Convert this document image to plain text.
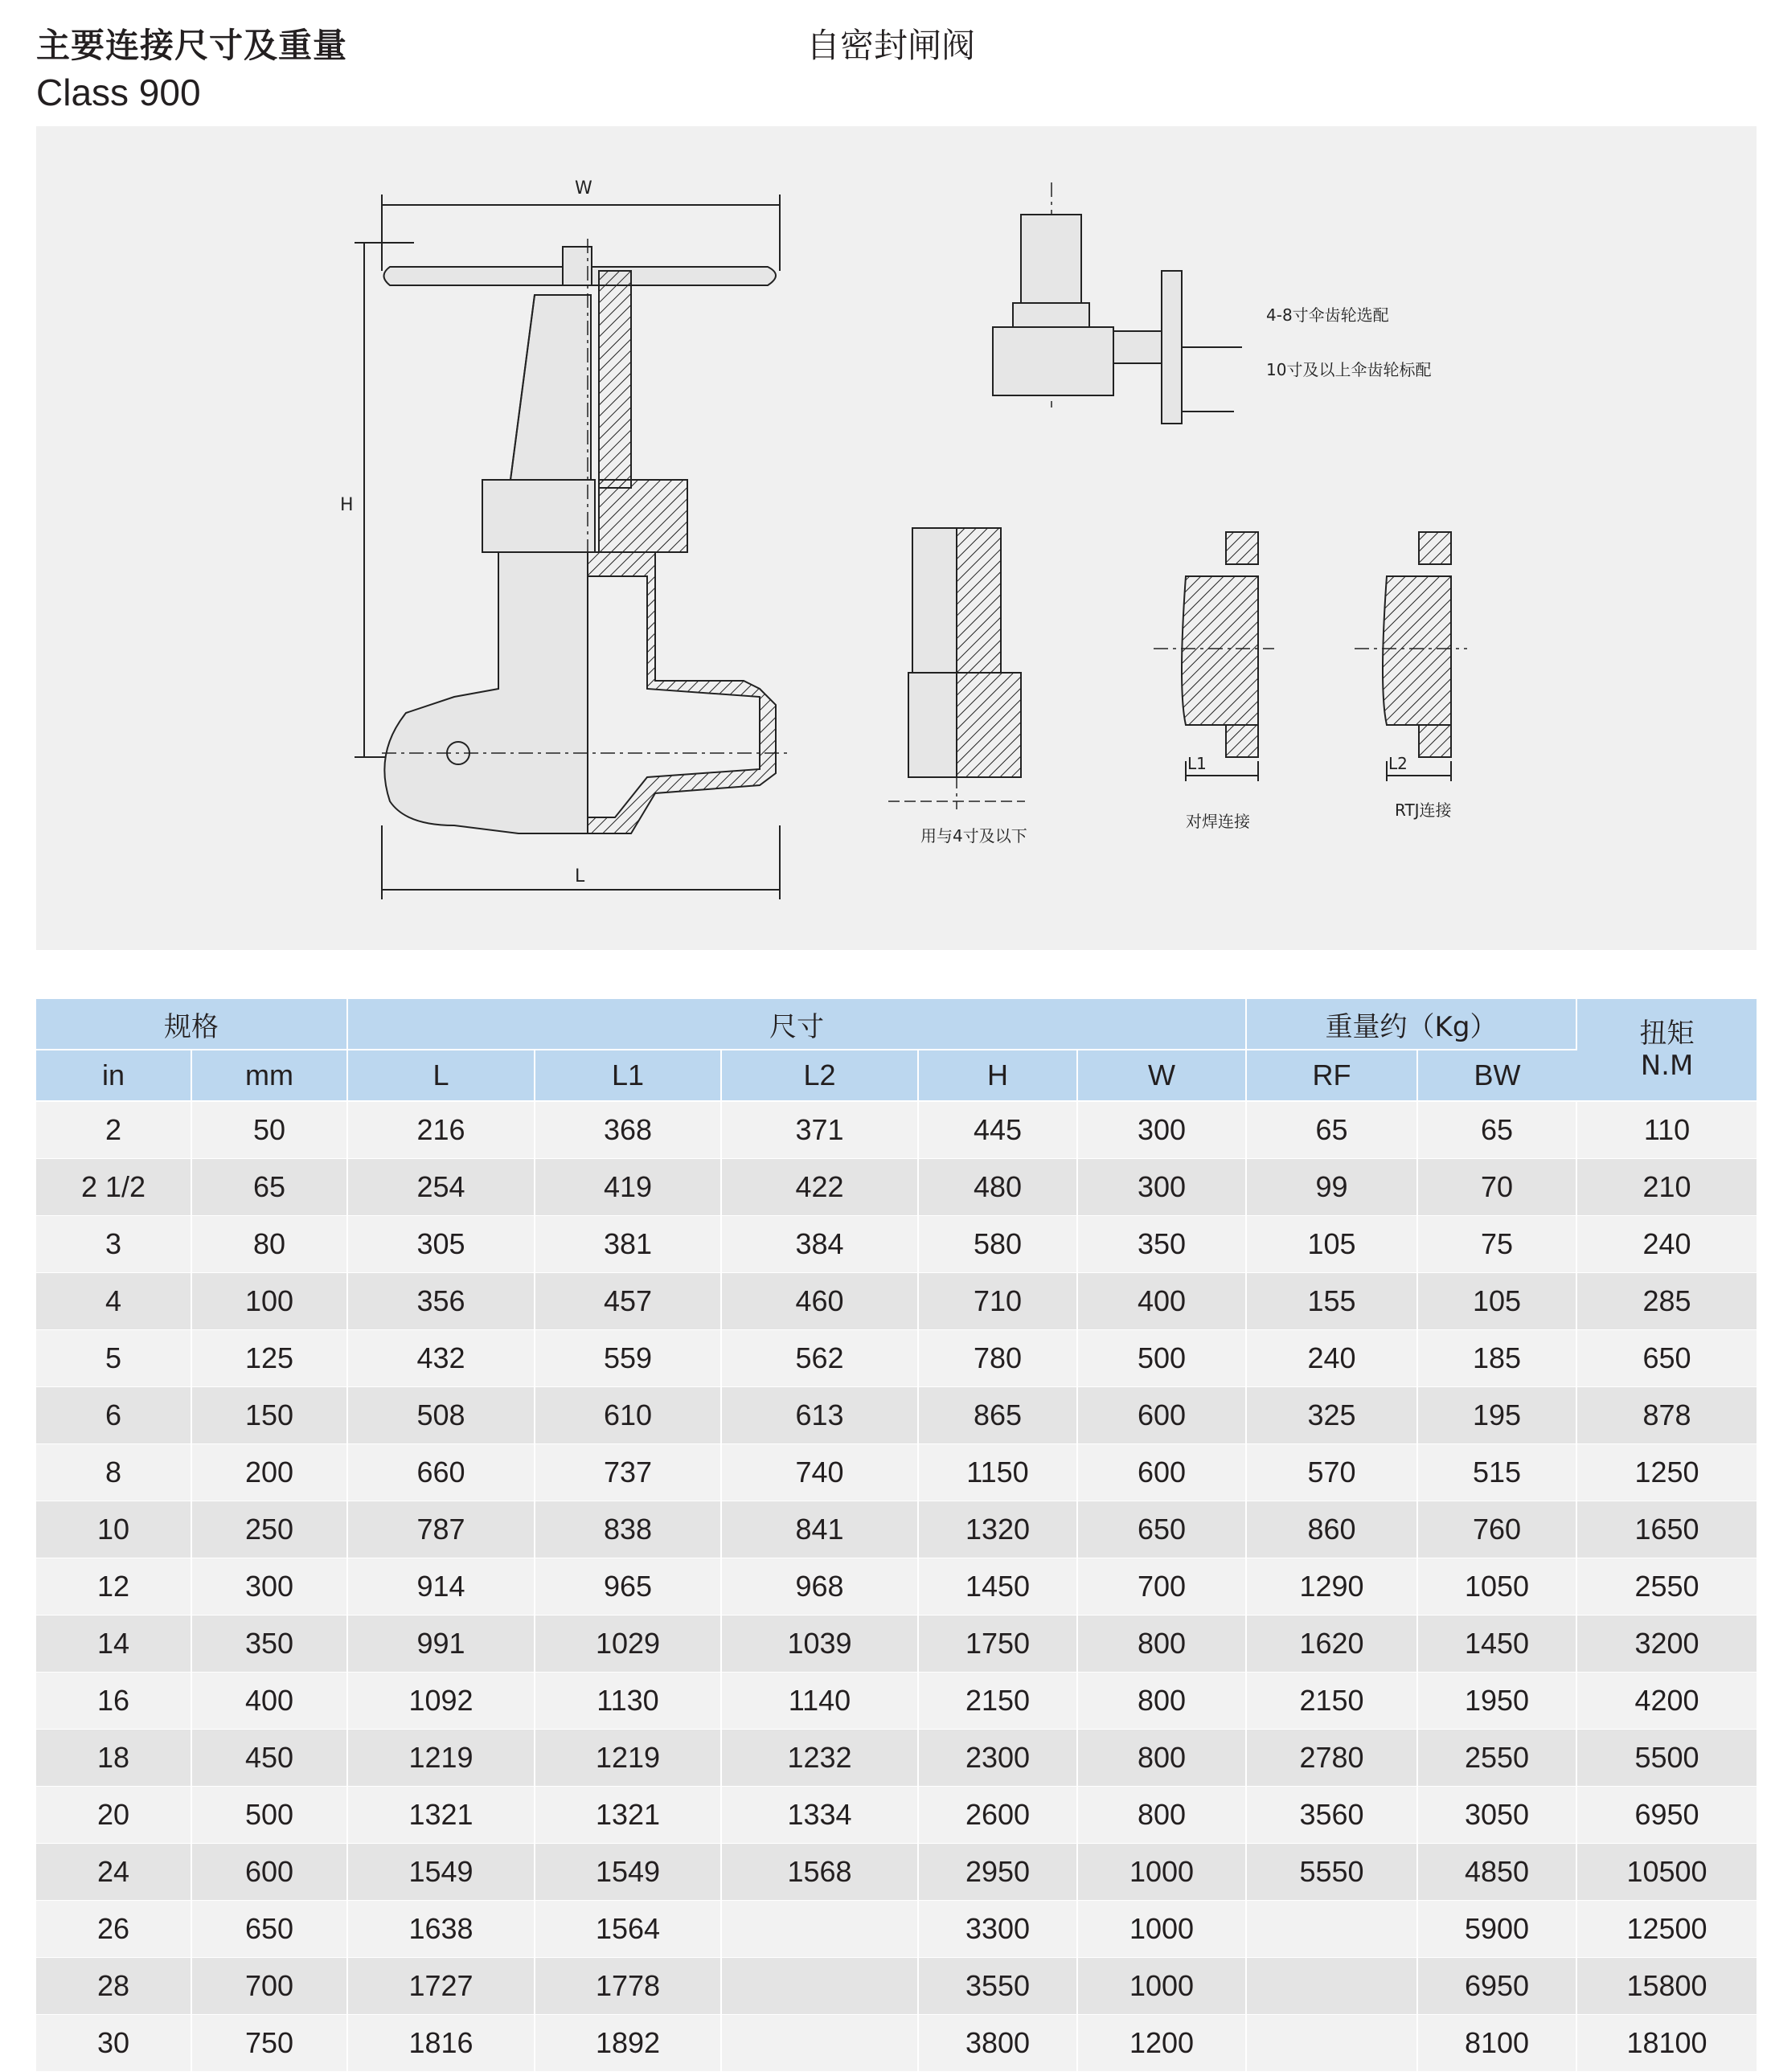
主要连接尺寸及重量
Class 900
自密封闸阀
W
H
L
4-8寸伞齿轮选配
10寸及以上伞齿轮标配
用与4寸及以下
L1	L2
对焊连接
RTJ连接
规格		尺寸					重量约（Kg）		扭矩
N.M

in	mm	L	L1	L2	H	W	RF	BW	
2	50	216	368	371	445	300	65	65	110
2 1/2	65	254	419	422	480	300	99	70	210
3	80	305	381	384	580	350	105	75	240
4	100	356	457	460	710	400	155	105	285
5	125	432	559	562	780	500	240	185	650
6	150	508	610	613	865	600	325	195	878
8	200	660	737	740	1150	600	570	515	1250
10	250	787	838	841	1320	650	860	760	1650
12	300	914	965	968	1450	700	1290	1050	2550
14	350	991	1029	1039	1750	800	1620	1450	3200
16	400	1092	1130	1140	2150	800	2150	1950	4200
18	450	1219	1219	1232	2300	800	2780	2550	5500
20	500	1321	1321	1334	2600	800	3560	3050	6950
24	600	1549	1549	1568	2950	1000	5550	4850	10500
26	650	1638	1564		3300	1000		5900	12500
28	700	1727	1778		3550	1000		6950	15800
30	750	1816	1892		3800	1200		8100	18100
